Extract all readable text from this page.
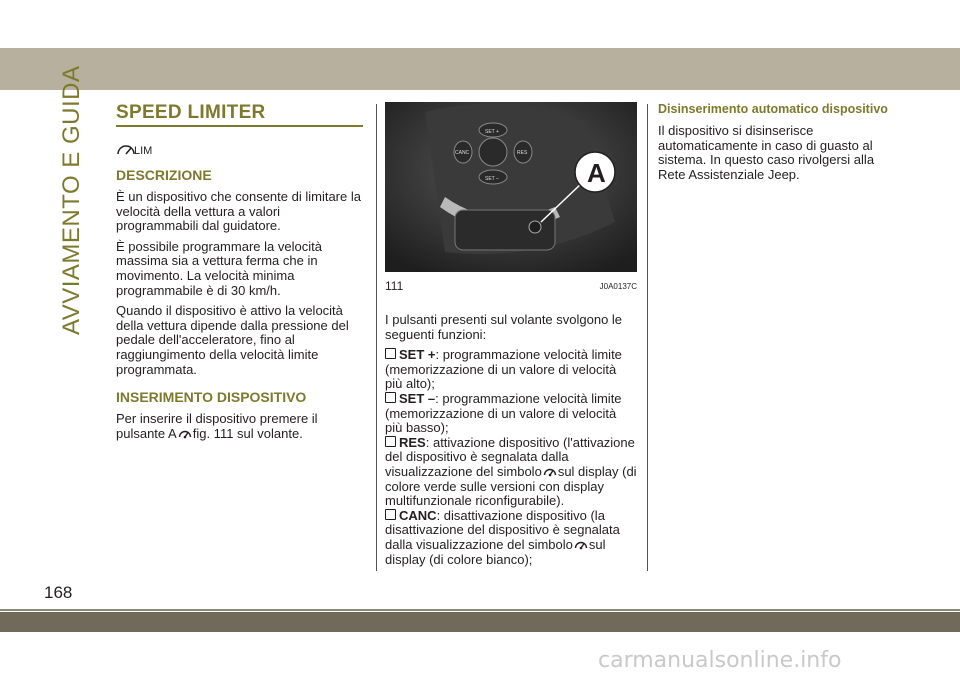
AVVIAMENTO E GUIDA SPEED LIMITER
LIM
DESCRIZIONE

È un dispositivo che consente di limitare la velocità della vettura a valori programmabili dal guidatore.

È possibile programmare la velocità massima sia a vettura ferma che in movimento. La velocità minima programmabile è di 30 km/h.

Quando il dispositivo è attivo la velocità della vettura dipende dalla pressione del pedale dell'acceleratore, fino al raggiungimento della velocità limite programmata.

INSERIMENTO DISPOSITIVO

Per inserire il dispositivo premere il pulsante A fig. 111 sul volante.

SET +
CANC	RES
SET –	A
111	J0A0137C

I pulsanti presenti sul volante svolgono le seguenti funzioni:

SET +: programmazione velocità limite (memorizzazione di un valore di velocità più alto);

SET –: programmazione velocità limite (memorizzazione di un valore di velocità più basso);

RES: attivazione dispositivo (l'attivazione del dispositivo è segnalata dalla visualizzazione del simbolo sul display (di colore verde sulle versioni con display multifunzionale riconfigurabile).

CANC: disattivazione dispositivo (la disattivazione del dispositivo è segnalata dalla visualizzazione del simbolo sul display (di colore bianco);

Disinserimento automatico dispositivo

Il dispositivo si disinserisce automaticamente in caso di guasto al sistema. In questo caso rivolgersi alla Rete Assistenziale Jeep.

168
carmanualsonline.info
